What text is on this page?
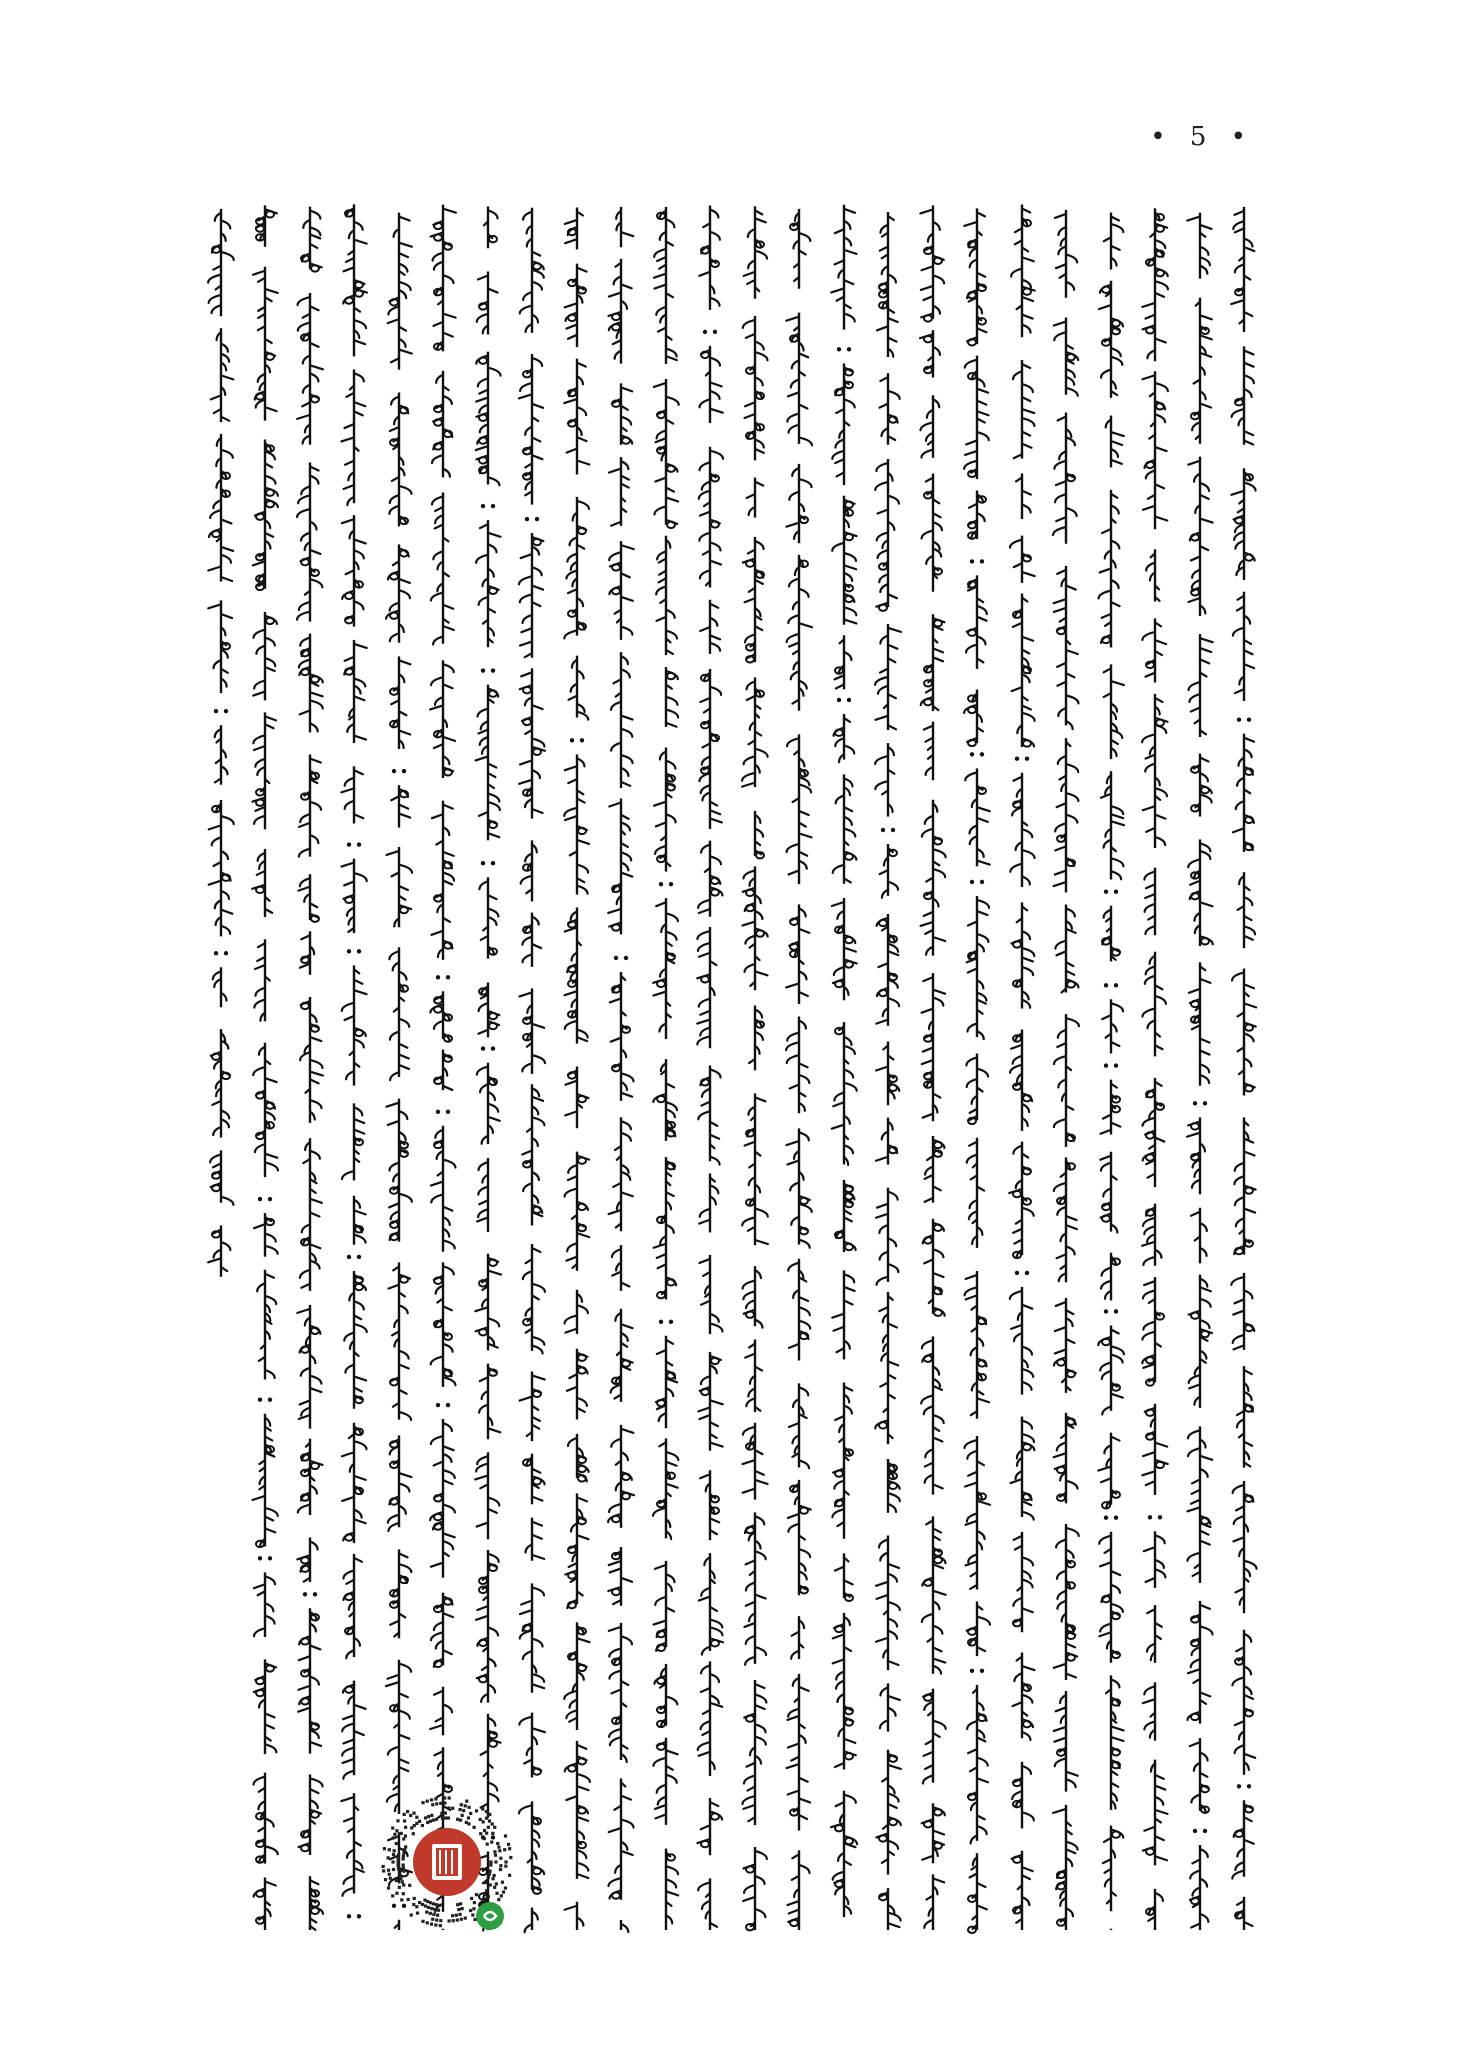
• 5 •
